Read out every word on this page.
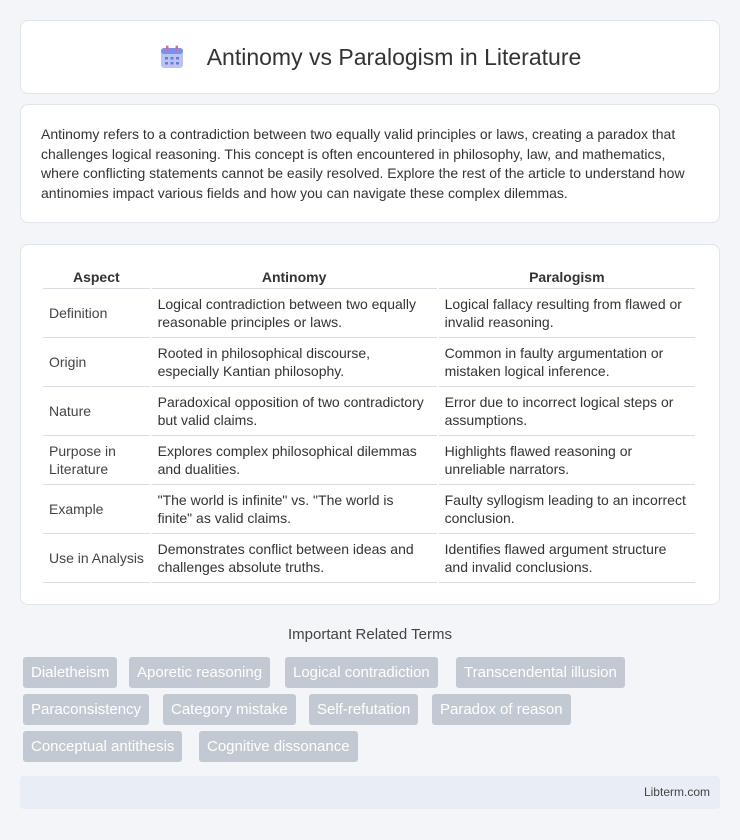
Antinomy vs Paralogism in Literature

Antinomy refers to a contradiction between two equally valid principles or laws, creating a paradox that challenges logical reasoning. This concept is often encountered in philosophy, law, and mathematics, where conflicting statements cannot be easily resolved. Explore the rest of the article to understand how antinomies impact various fields and how you can navigate these complex dilemmas.

Aspect	Antinomy	Paralogism
Definition	Logical contradiction between two equally reasonable principles or laws.	Logical fallacy resulting from flawed or invalid reasoning.
Origin	Rooted in philosophical discourse, especially Kantian philosophy.	Common in faulty argumentation or mistaken logical inference.
Nature	Paradoxical opposition of two contradictory but valid claims.	Error due to incorrect logical steps or assumptions.
Purpose in Literature	Explores complex philosophical dilemmas and dualities.	Highlights flawed reasoning or unreliable narrators.
Example	"The world is infinite" vs. "The world is finite" as valid claims.	Faulty syllogism leading to an incorrect conclusion.
Use in Analysis	Demonstrates conflict between ideas and challenges absolute truths.	Identifies flawed argument structure and invalid conclusions.
Important Related Terms
Dialetheism	Aporetic reasoning	Logical contradiction	Transcendental illusion
Paraconsistency	Category mistake	Self-refutation	Paradox of reason
Conceptual antithesis	Cognitive dissonance
Libterm.com
